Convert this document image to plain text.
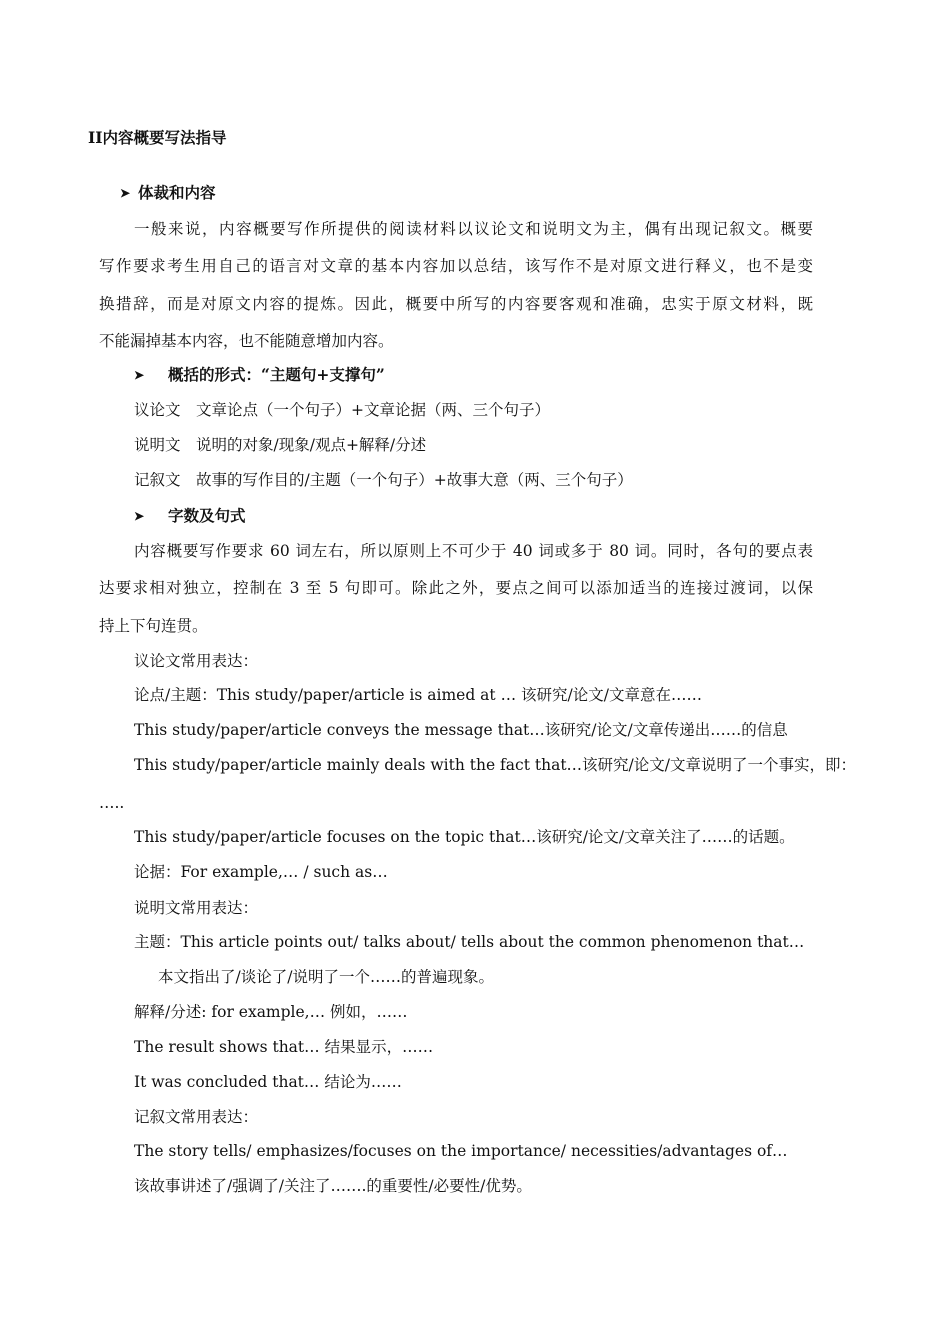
II内容概要写法指导
➤ 体裁和内容
一般来说，内容概要写作所提供的阅读材料以议论文和说明文为主，偶有出现记叙文。概要
写作要求考生用自己的语言对文章的基本内容加以总结，该写作不是对原文进行释义，也不是变
换措辞，而是对原文内容的提炼。因此，概要中所写的内容要客观和准确，忠实于原文材料，既
不能漏掉基本内容，也不能随意增加内容。
➤ 概括的形式：“主题句+支撑句”
议论文　文章论点（一个句子）+文章论据（两、三个句子）
说明文　说明的对象/现象/观点+解释/分述
记叙文　故事的写作目的/主题（一个句子）+故事大意（两、三个句子）
➤ 字数及句式
内容概要写作要求 60 词左右，所以原则上不可少于 40 词或多于 80 词。同时，各句的要点表
达要求相对独立，控制在 3 至 5 句即可。除此之外，要点之间可以添加适当的连接过渡词，以保
持上下句连贯。
议论文常用表达：
论点/主题：This study/paper/article is aimed at … 该研究/论文/文章意在……
This study/paper/article conveys the message that…该研究/论文/文章传递出……的信息
This study/paper/article mainly deals with the fact that…该研究/论文/文章说明了一个事实，即：
…..
This study/paper/article focuses on the topic that…该研究/论文/文章关注了……的话题。
论据：For example,… / such as…
说明文常用表达：
主题：This article points out/ talks about/ tells about the common phenomenon that…
本文指出了/谈论了/说明了一个……的普遍现象。
解释/分述: for example,… 例如，……
The result shows that… 结果显示，……
It was concluded that… 结论为……
记叙文常用表达：
The story tells/ emphasizes/focuses on the importance/ necessities/advantages of…
该故事讲述了/强调了/关注了…….的重要性/必要性/优势。
